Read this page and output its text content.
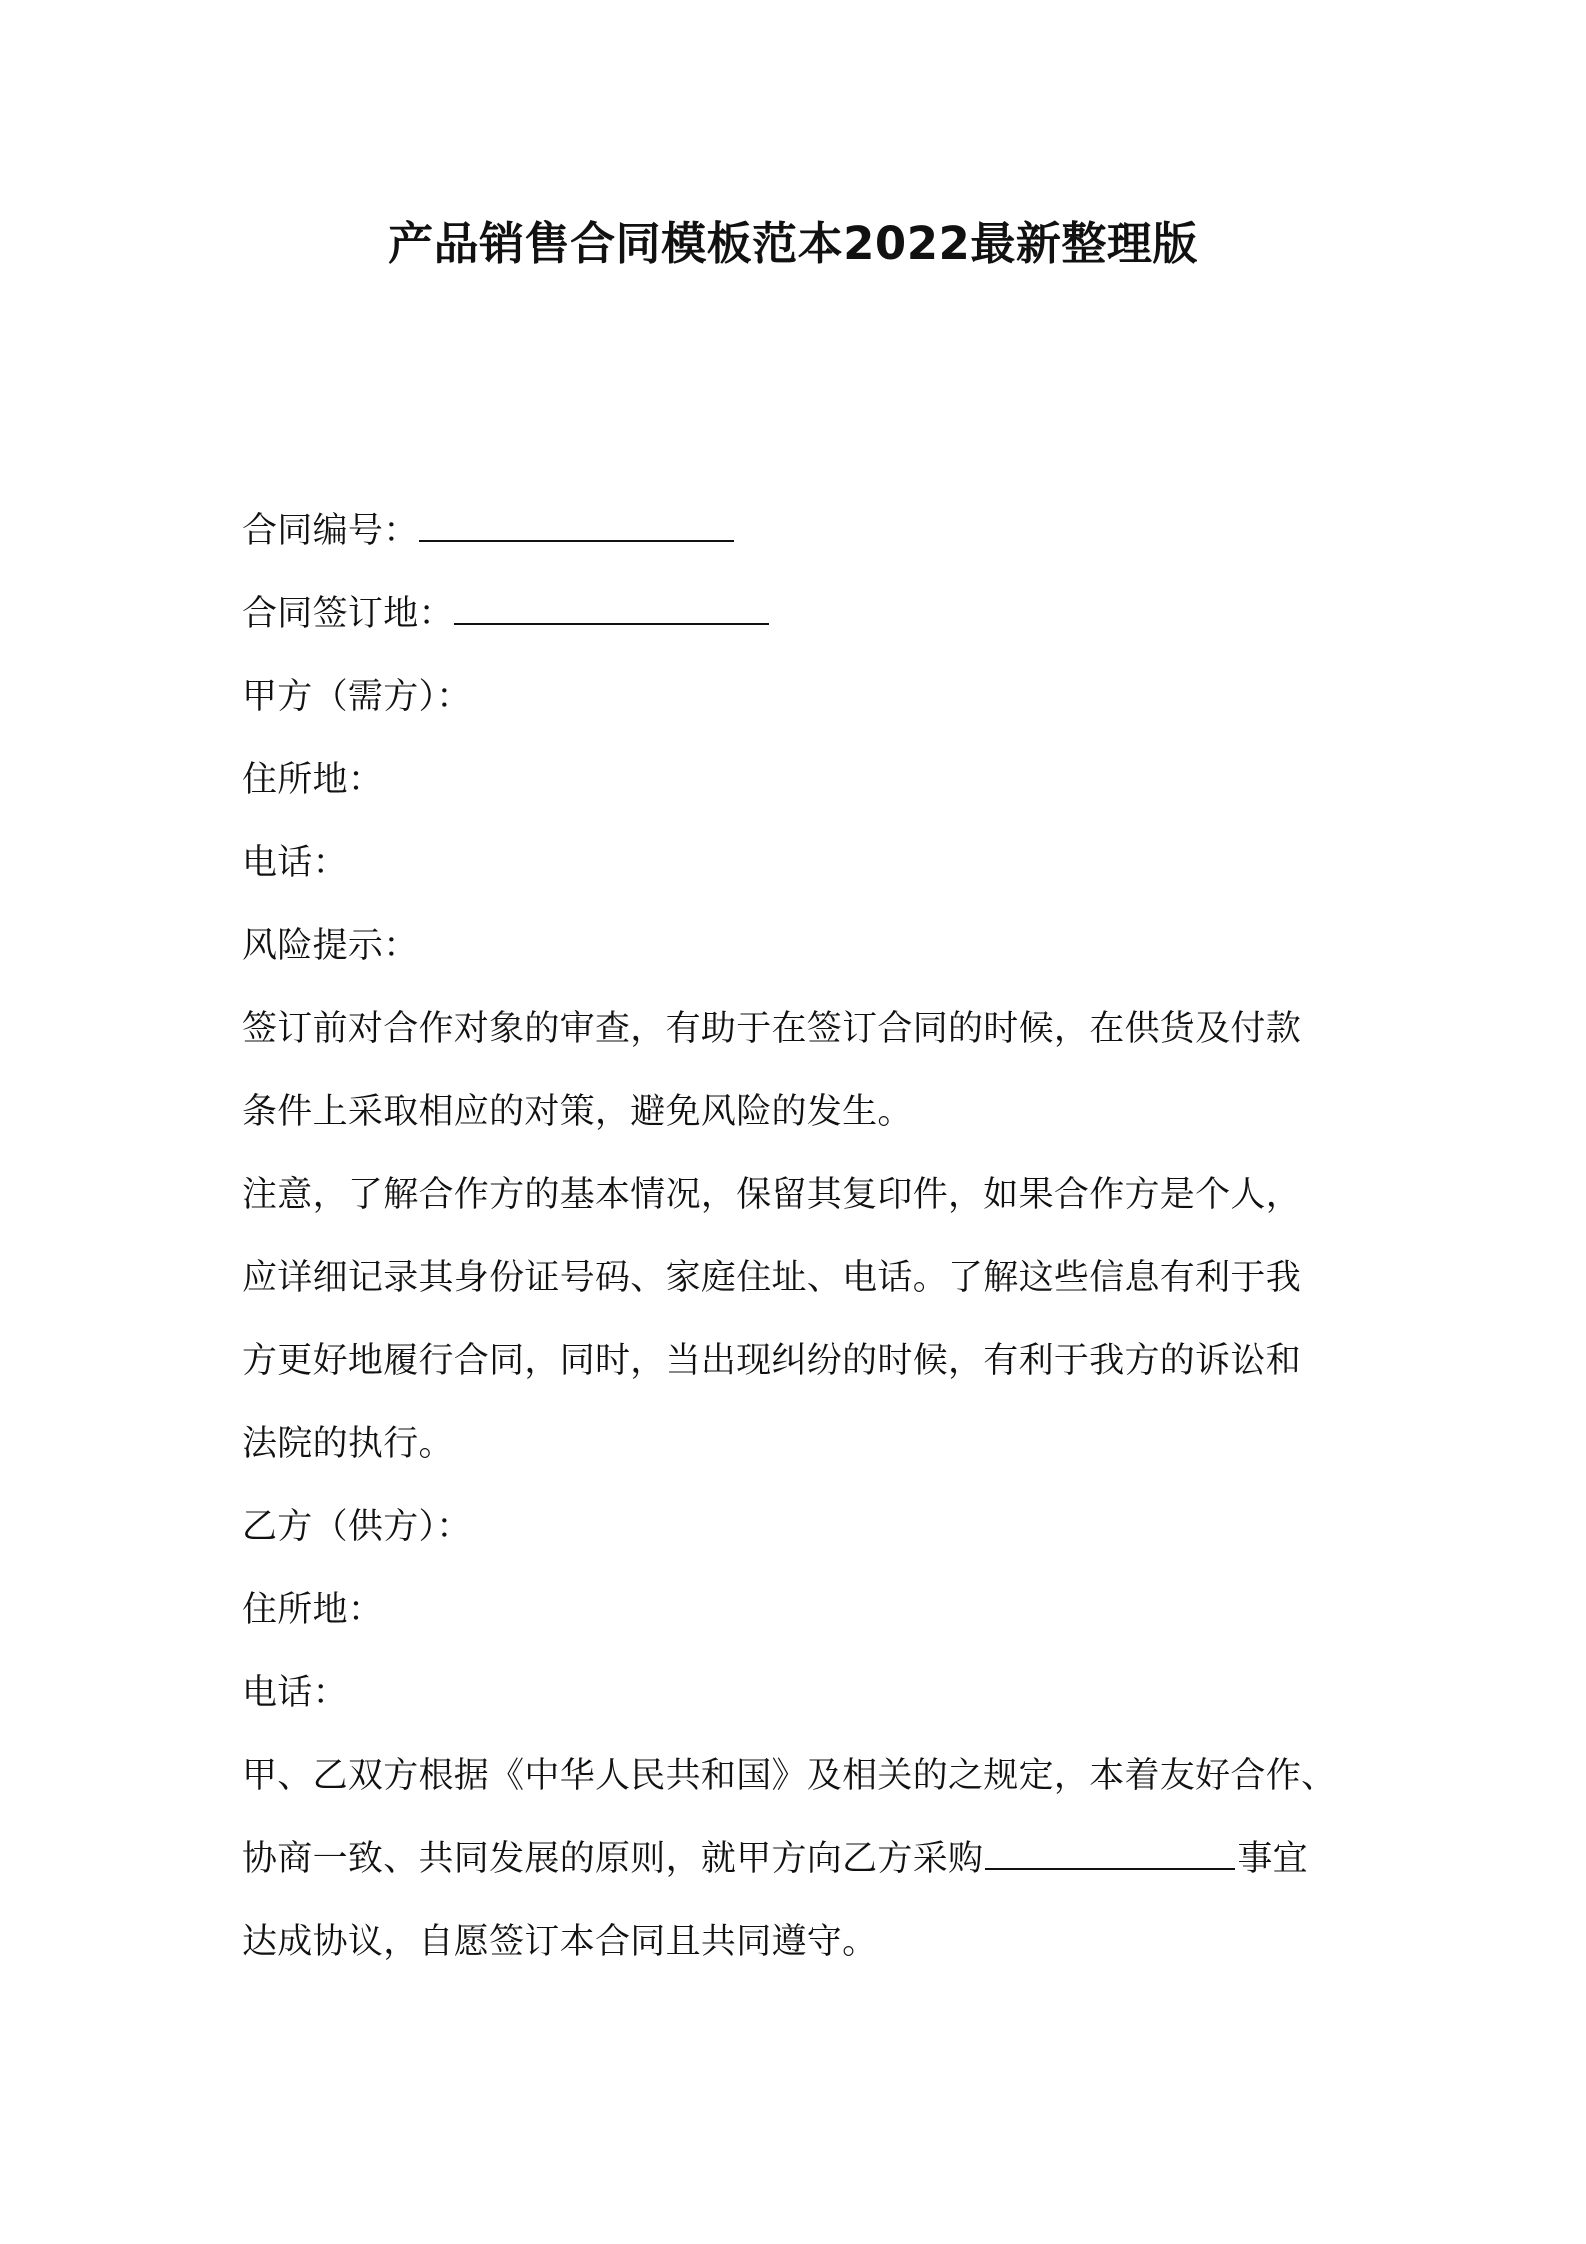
产品销售合同模板范本2022最新整理版
合同编号：
合同签订地：
甲方（需方）：
住所地：
电话：
风险提示：
签订前对合作对象的审查，有助于在签订合同的时候，在供货及付款
条件上采取相应的对策，避免风险的发生。
注意，了解合作方的基本情况，保留其复印件，如果合作方是个人，
应详细记录其身份证号码、家庭住址、电话。了解这些信息有利于我
方更好地履行合同，同时，当出现纠纷的时候，有利于我方的诉讼和
法院的执行。
乙方（供方）：
住所地：
电话：
甲、乙双方根据《中华人民共和国》及相关的之规定，本着友好合作、
协商一致、共同发展的原则，就甲方向乙方采购	事宜
达成协议，自愿签订本合同且共同遵守。
